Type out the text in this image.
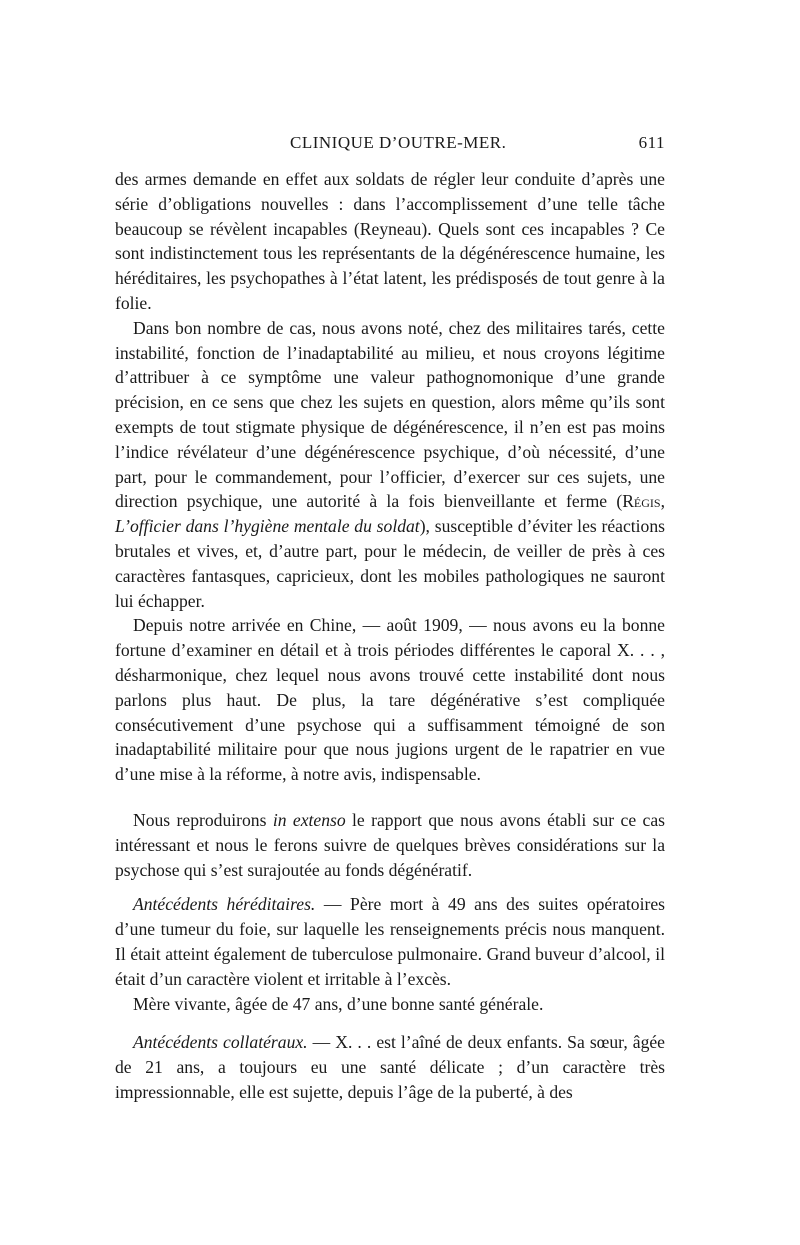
CLINIQUE D’OUTRE-MER.	611

des armes demande en effet aux soldats de régler leur conduite d’après une série d’obligations nouvelles : dans l’accomplissement d’une telle tâche beaucoup se révèlent incapables (Reyneau). Quels sont ces incapables ? Ce sont indistinctement tous les représentants de la dégénérescence humaine, les héréditaires, les psychopathes à l’état latent, les prédisposés de tout genre à la folie.

Dans bon nombre de cas, nous avons noté, chez des militaires tarés, cette instabilité, fonction de l’inadaptabilité au milieu, et nous croyons légitime d’attribuer à ce symptôme une valeur pathognomonique d’une grande précision, en ce sens que chez les sujets en question, alors même qu’ils sont exempts de tout stigmate physique de dégénérescence, il n’en est pas moins l’indice révélateur d’une dégénérescence psychique, d’où nécessité, d’une part, pour le commandement, pour l’officier, d’exercer sur ces sujets, une direction psychique, une autorité à la fois bienveillante et ferme (Régis, L’officier dans l’hygiène mentale du soldat), susceptible d’éviter les réactions brutales et vives, et, d’autre part, pour le médecin, de veiller de près à ces caractères fantasques, capricieux, dont les mobiles pathologiques ne sauront lui échapper.

Depuis notre arrivée en Chine, — août 1909, — nous avons eu la bonne fortune d’examiner en détail et à trois périodes différentes le caporal X. . . , désharmonique, chez lequel nous avons trouvé cette instabilité dont nous parlons plus haut. De plus, la tare dégénérative s’est compliquée consécutivement d’une psychose qui a suffisamment témoigné de son inadaptabilité militaire pour que nous jugions urgent de le rapatrier en vue d’une mise à la réforme, à notre avis, indispensable.

Nous reproduirons in extenso le rapport que nous avons établi sur ce cas intéressant et nous le ferons suivre de quelques brèves considérations sur la psychose qui s’est surajoutée au fonds dégénératif.

Antécédents héréditaires. — Père mort à 49 ans des suites opératoires d’une tumeur du foie, sur laquelle les renseignements précis nous manquent. Il était atteint également de tuberculose pulmonaire. Grand buveur d’alcool, il était d’un caractère violent et irritable à l’excès.

Mère vivante, âgée de 47 ans, d’une bonne santé générale.

Antécédents collatéraux. — X. . . est l’aîné de deux enfants. Sa sœur, âgée de 21 ans, a toujours eu une santé délicate ; d’un caractère très impressionnable, elle est sujette, depuis l’âge de la puberté, à des
